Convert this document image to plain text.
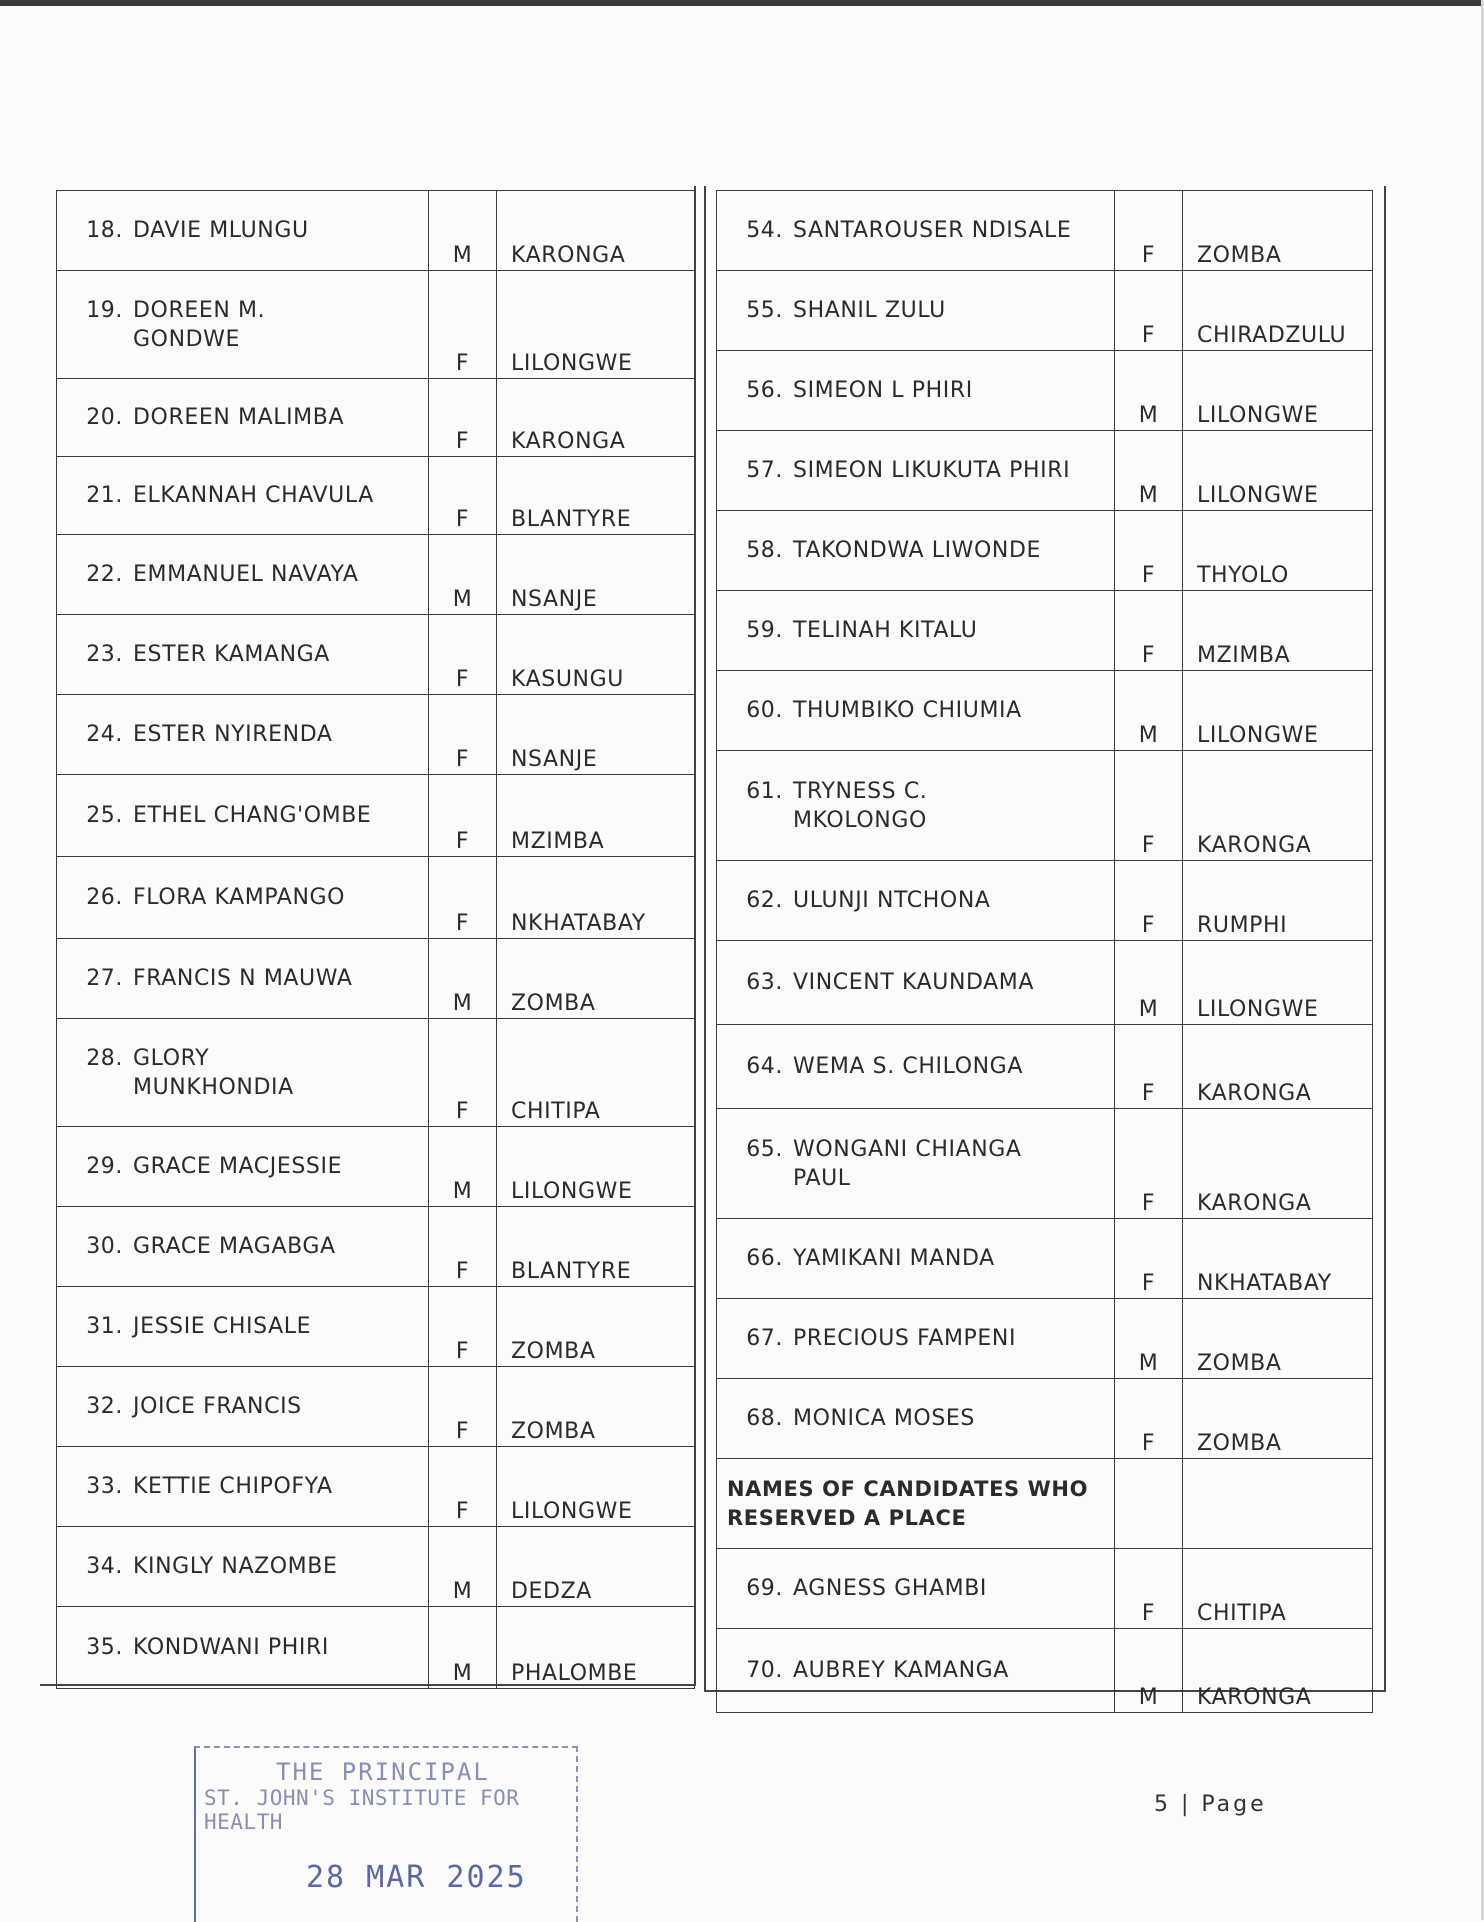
18. DAVIE MLUNGU	M	KARONGA

19. DOREEN M.
GONDWE	F	LILONGWE

20. DOREEN MALIMBA	F	KARONGA

21. ELKANNAH CHAVULA	F	BLANTYRE

22. EMMANUEL NAVAYA	M	NSANJE

23. ESTER KAMANGA	F	KASUNGU

24. ESTER NYIRENDA	F	NSANJE

25. ETHEL CHANG'OMBE	F	MZIMBA

26. FLORA KAMPANGO	F	NKHATABAY

27. FRANCIS N MAUWA	M	ZOMBA

28. GLORY
MUNKHONDIA	F	CHITIPA

29. GRACE MACJESSIE	M	LILONGWE

30. GRACE MAGABGA	F	BLANTYRE

31. JESSIE CHISALE	F	ZOMBA

32. JOICE FRANCIS	F	ZOMBA

33. KETTIE CHIPOFYA	F	LILONGWE

34. KINGLY NAZOMBE	M	DEDZA

35. KONDWANI PHIRI	M	PHALOMBE
54. SANTAROUSER NDISALE	F	ZOMBA

55. SHANIL ZULU	F	CHIRADZULU

56. SIMEON L PHIRI	M	LILONGWE

57. SIMEON LIKUKUTA PHIRI	M	LILONGWE

58. TAKONDWA LIWONDE	F	THYOLO

59. TELINAH KITALU	F	MZIMBA

60. THUMBIKO CHIUMIA	M	LILONGWE

61. TRYNESS C.
MKOLONGO	F	KARONGA

62. ULUNJI NTCHONA	F	RUMPHI

63. VINCENT KAUNDAMA	M	LILONGWE

64. WEMA S. CHILONGA	F	KARONGA

65. WONGANI CHIANGA
PAUL	F	KARONGA

66. YAMIKANI MANDA	F	NKHATABAY

67. PRECIOUS FAMPENI	M	ZOMBA

68. MONICA MOSES	F	ZOMBA
NAMES OF CANDIDATES WHO RESERVED A PLACE		

69. AGNESS GHAMBI	F	CHITIPA

70. AUBREY KAMANGA	M	KARONGA
5 | Page
THE PRINCIPAL
ST. JOHN'S INSTITUTE FOR HEALTH
28 MAR 2025
